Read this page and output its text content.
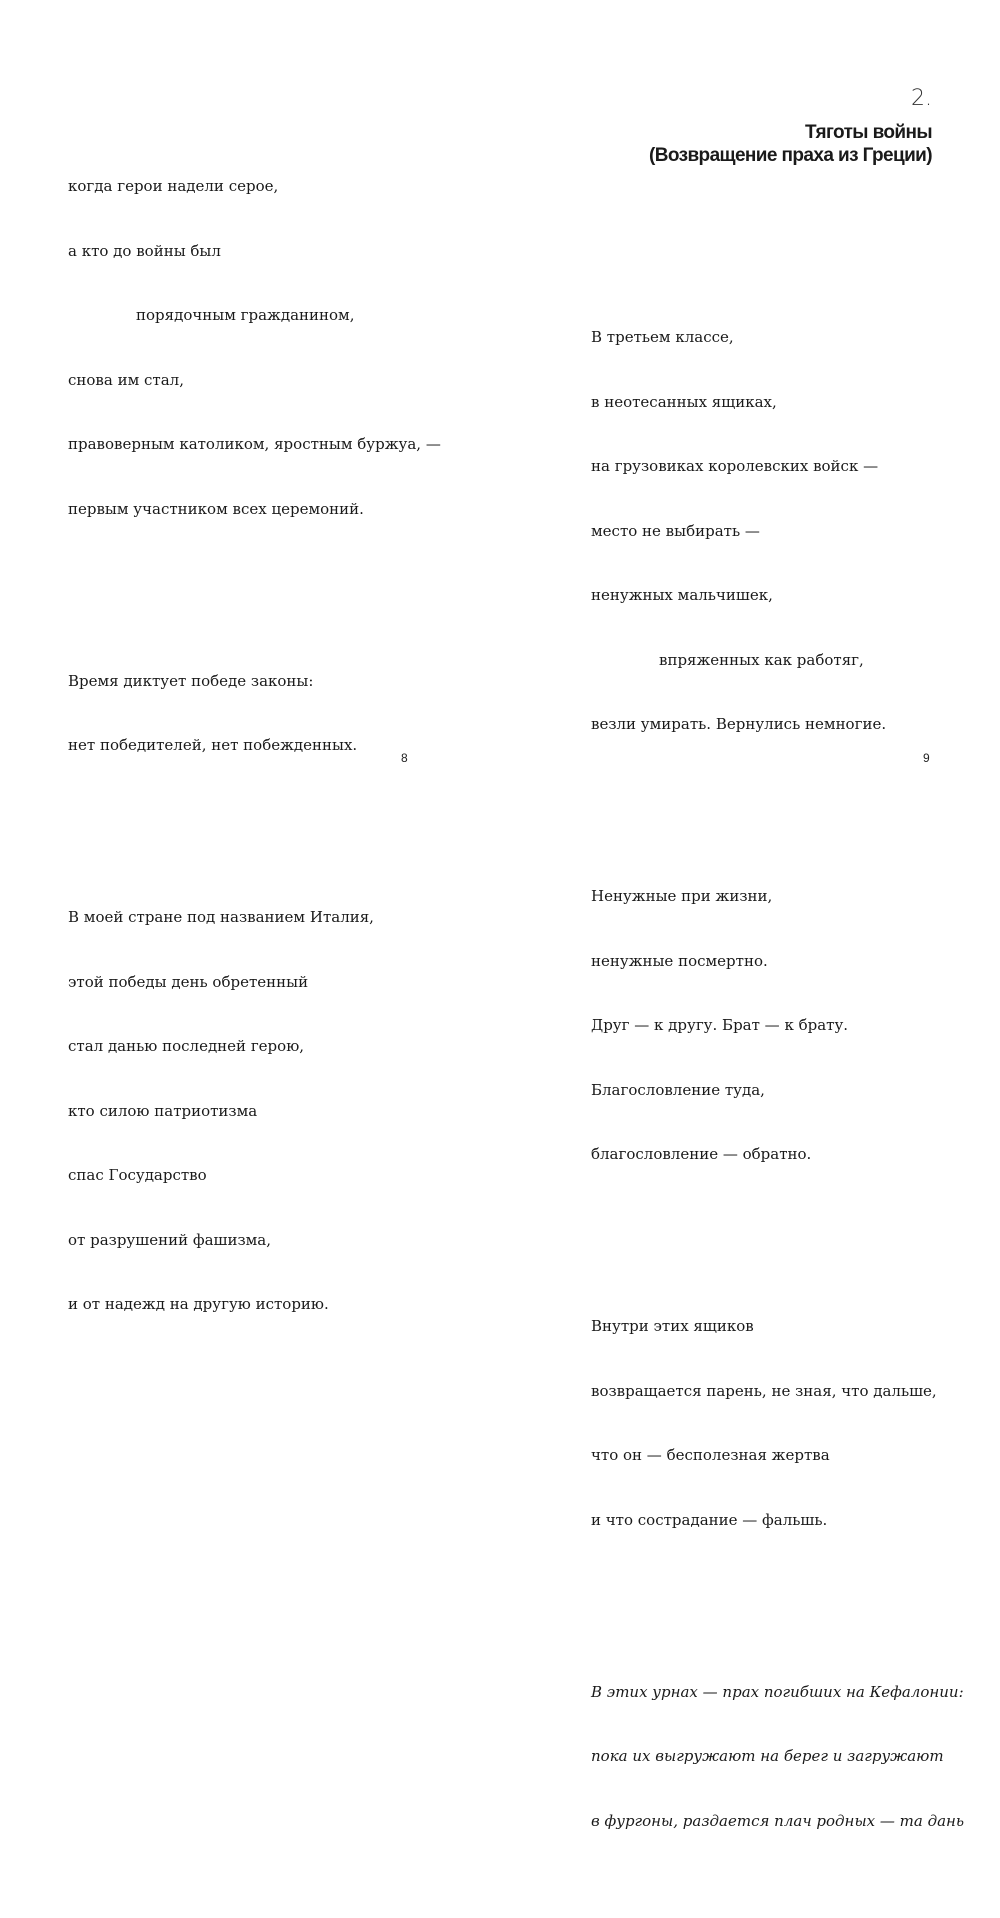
когда герои надели серое,

а кто до войны был

порядочным гражданином,

снова им стал,

правоверным католиком, яростным буржуа, —

первым участником всех церемоний.

Время диктует победе законы:

нет победителей, нет побежденных.

В моей стране под названием Италия,

этой победы день обретенный

стал данью последней герою,

кто силою патриотизма

спас Государство

от разрушений фашизма,

и от надежд на другую историю.

8
2.
Тяготы войны
(Возвращение праха из Греции)

В третьем классе,

в неотесанных ящиках,

на грузовиках королевских войск —

место не выбирать —

ненужных мальчишек,

впряженных как работяг,

везли умирать. Вернулись немногие.

Ненужные при жизни,

ненужные посмертно.

Друг — к другу. Брат — к брату.

Благословление туда,

благословление — обратно.

Внутри этих ящиков

возвращается парень, не зная, что дальше,

что он — бесполезная жертва

и что сострадание — фальшь.

В этих урнах — прах погибших на Кефалонии:

пока их выгружают на берег и загружают

в фургоны, раздается плач родных — та дань

9
